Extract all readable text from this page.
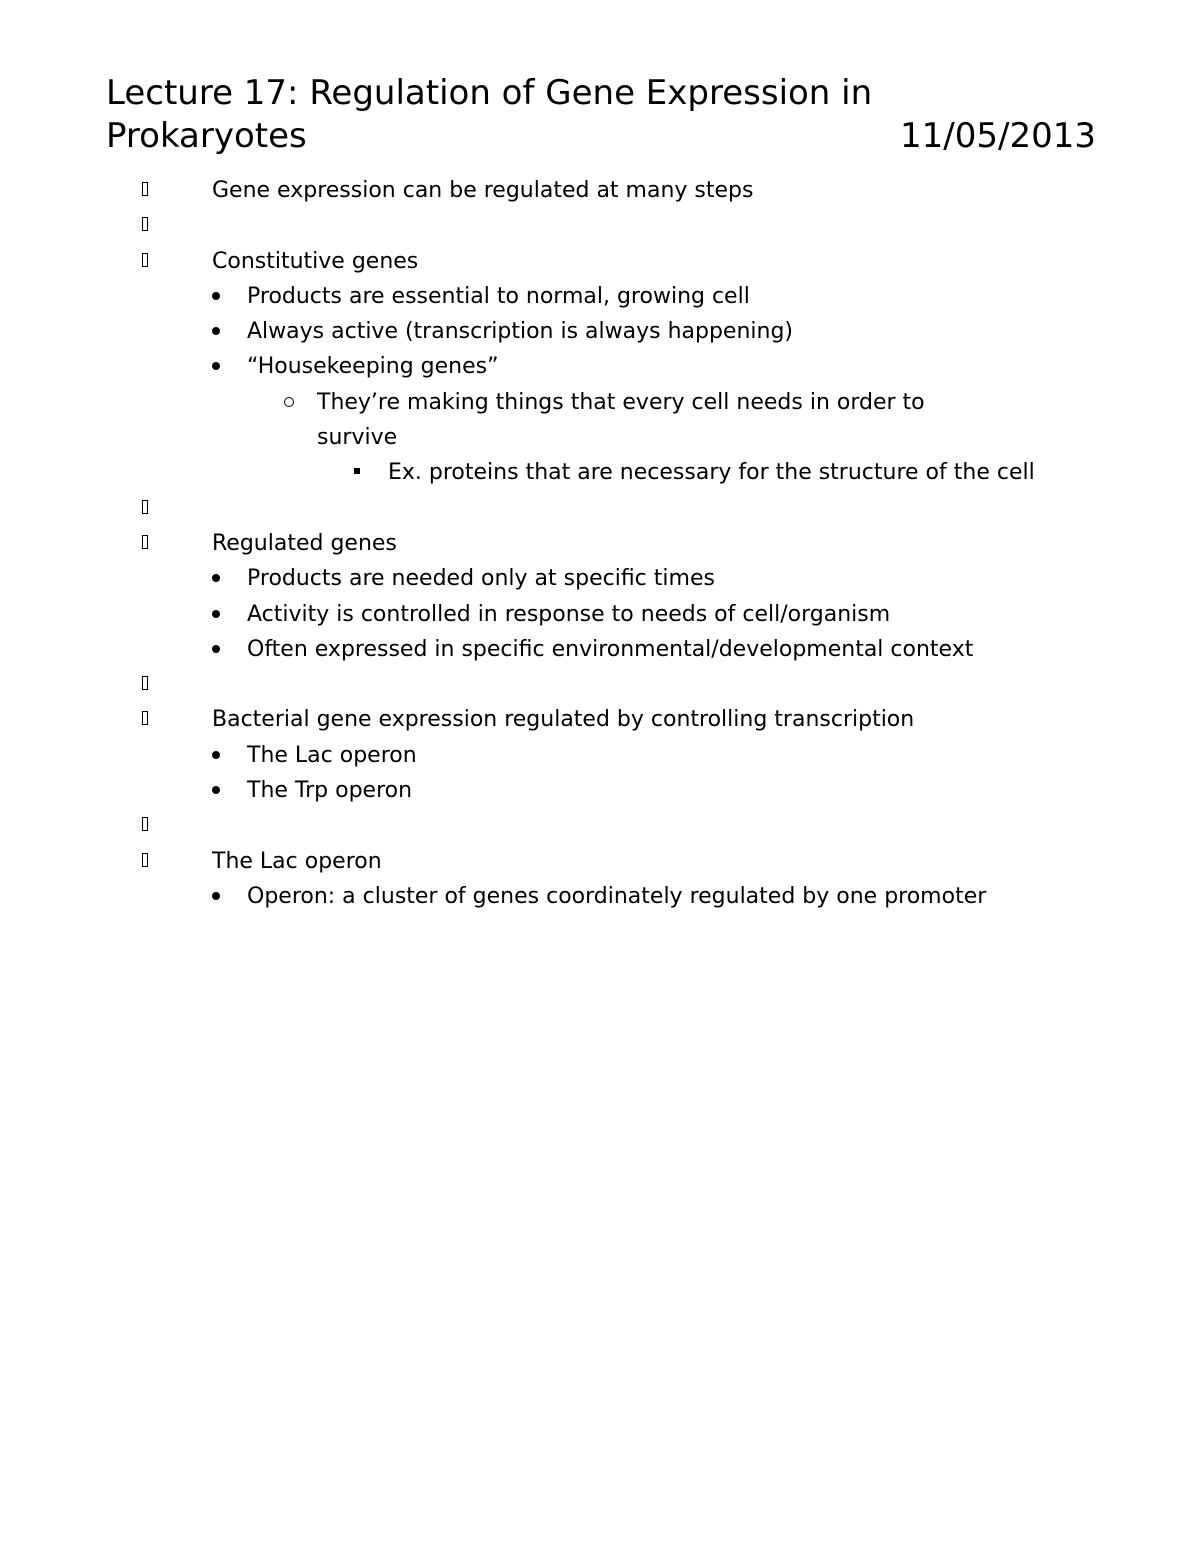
Lecture 17: Regulation of Gene Expression in
Prokaryotes	11/05/2013
Gene expression can be regulated at many steps
Constitutive genes
Products are essential to normal, growing cell
Always active (transcription is always happening)
“Housekeeping genes”
They’re making things that every cell needs in order to survive
Ex. proteins that are necessary for the structure of the cell
Regulated genes
Products are needed only at specific times
Activity is controlled in response to needs of cell/organism
Often expressed in specific environmental/developmental context
Bacterial gene expression regulated by controlling transcription
The Lac operon
The Trp operon
The Lac operon
Operon: a cluster of genes coordinately regulated by one promoter
